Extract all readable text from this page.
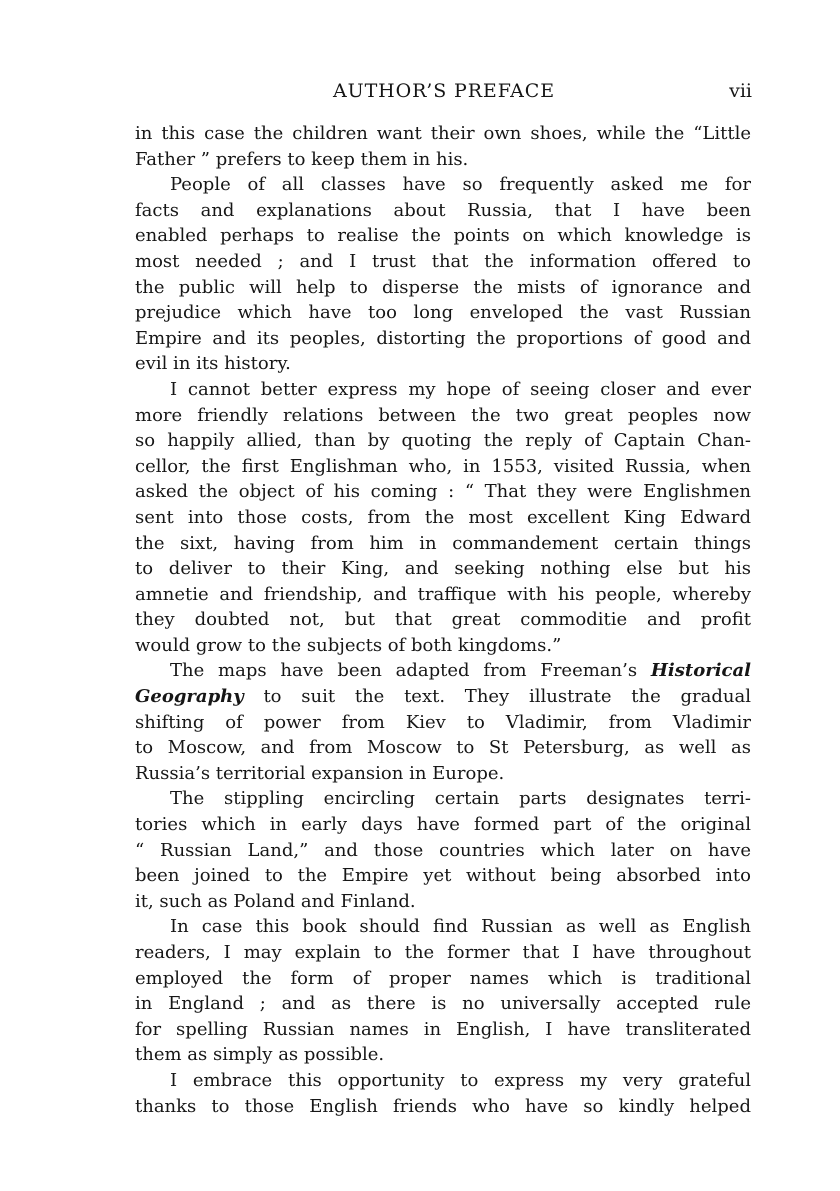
AUTHOR’S PREFACE	vii
in this case the children want their own shoes, while the “Little
Father ” prefers to keep them in his.
People of all classes have so frequently asked me for
facts and explanations about Russia, that I have been
enabled perhaps to realise the points on which knowledge is
most needed ; and I trust that the information offered to
the public will help to disperse the mists of ignorance and
prejudice which have too long enveloped the vast Russian
Empire and its peoples, distorting the proportions of good and
evil in its history.
I cannot better express my hope of seeing closer and ever
more friendly relations between the two great peoples now
so happily allied, than by quoting the reply of Captain Chan-
cellor, the first Englishman who, in 1553, visited Russia, when
asked the object of his coming : “ That they were Englishmen
sent into those costs, from the most excellent King Edward
the sixt, having from him in commandement certain things
to deliver to their King, and seeking nothing else but his
amnetie and friendship, and traffique with his people, whereby
they doubted not, but that great commoditie and profit
would grow to the subjects of both kingdoms.”
The maps have been adapted from Freeman’s Historical
Geography to suit the text. They illustrate the gradual
shifting of power from Kiev to Vladimir, from Vladimir
to Moscow, and from Moscow to St Petersburg, as well as
Russia’s territorial expansion in Europe.
The stippling encircling certain parts designates terri-
tories which in early days have formed part of the original
“ Russian Land,” and those countries which later on have
been joined to the Empire yet without being absorbed into
it, such as Poland and Finland.
In case this book should find Russian as well as English
readers, I may explain to the former that I have throughout
employed the form of proper names which is traditional
in England ; and as there is no universally accepted rule
for spelling Russian names in English, I have transliterated
them as simply as possible.
I embrace this opportunity to express my very grateful
thanks to those English friends who have so kindly helped
